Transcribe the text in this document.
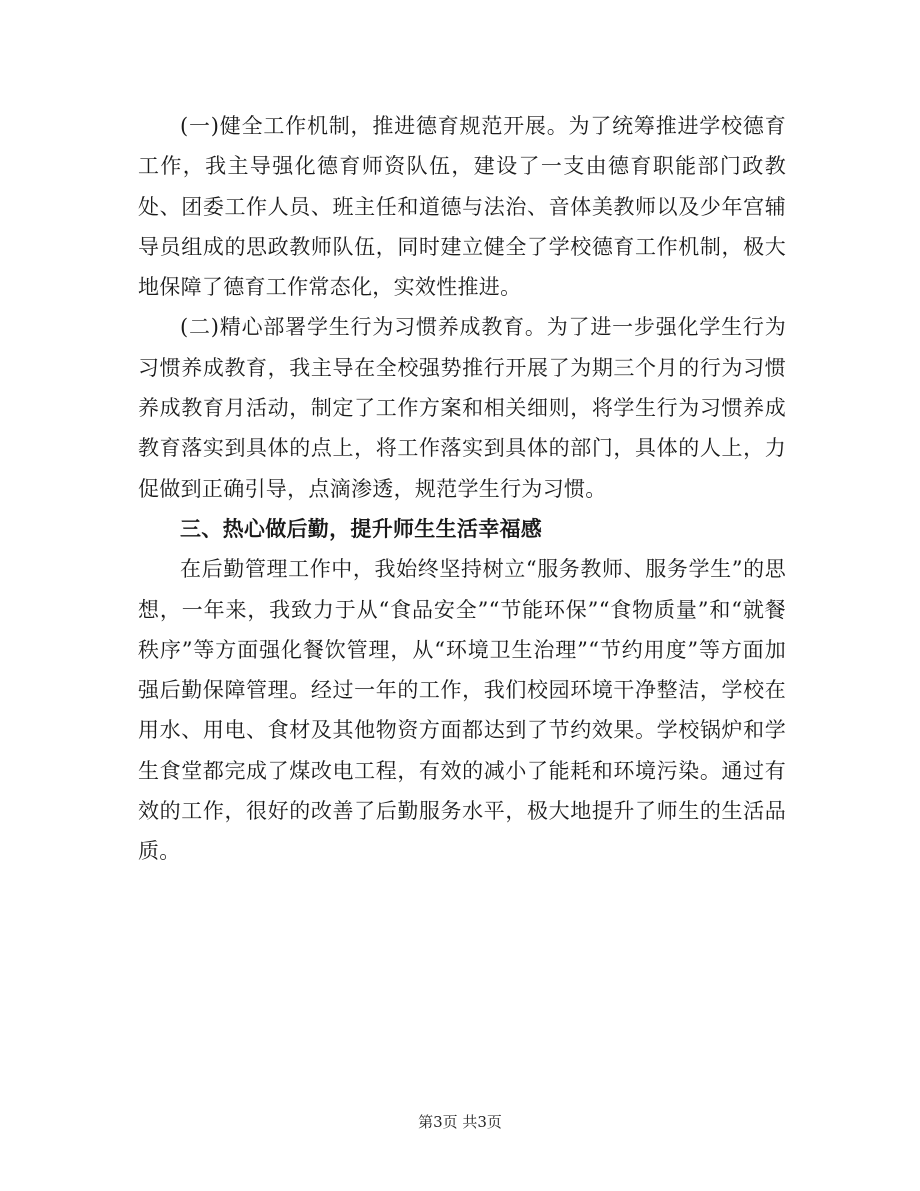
(一)健全工作机制，推进德育规范开展。为了统筹推进学校德育工作，我主导强化德育师资队伍，建设了一支由德育职能部门政教处、团委工作人员、班主任和道德与法治、音体美教师以及少年宫辅导员组成的思政教师队伍，同时建立健全了学校德育工作机制，极大地保障了德育工作常态化，实效性推进。

(二)精心部署学生行为习惯养成教育。为了进一步强化学生行为习惯养成教育，我主导在全校强势推行开展了为期三个月的行为习惯养成教育月活动，制定了工作方案和相关细则，将学生行为习惯养成教育落实到具体的点上，将工作落实到具体的部门，具体的人上，力促做到正确引导，点滴渗透，规范学生行为习惯。

三、热心做后勤，提升师生生活幸福感

在后勤管理工作中，我始终坚持树立“服务教师、服务学生”的思想，一年来，我致力于从“食品安全”“节能环保”“食物质量”和“就餐秩序”等方面强化餐饮管理，从“环境卫生治理”“节约用度”等方面加强后勤保障管理。经过一年的工作，我们校园环境干净整洁，学校在用水、用电、食材及其他物资方面都达到了节约效果。学校锅炉和学生食堂都完成了煤改电工程，有效的减小了能耗和环境污染。通过有效的工作，很好的改善了后勤服务水平，极大地提升了师生的生活品质。

第3页 共3页
